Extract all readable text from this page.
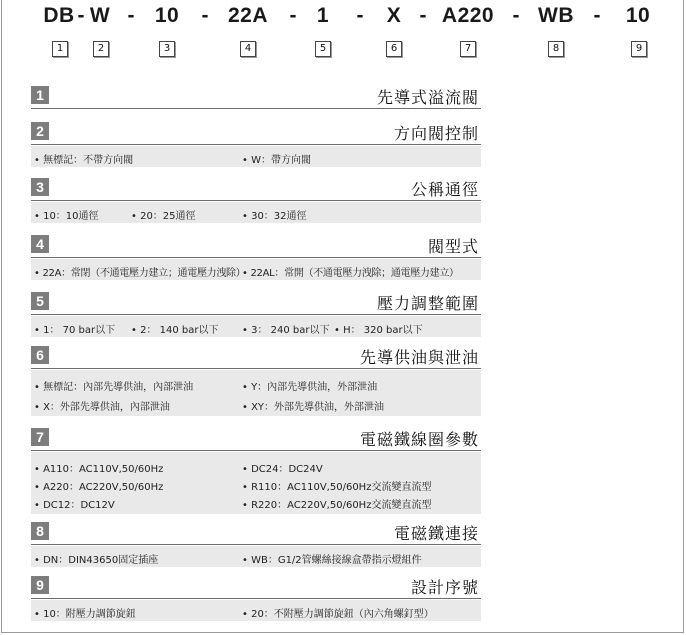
DB - W - 10 - 22A - 1 - X - A220 - WB - 10
1	2	3	4	5	6	7	8	9
1	先導式溢流閥
2	方向閥控制
• 無標記：不帶方向閥	• W：帶方向閥
3	公稱通徑
• 10：10通徑	• 20：25通徑	• 30：32通徑
4	閥型式
• 22A：常閉（不通電壓力建立；通電壓力洩除）
• 22AL：常開（不通電壓力洩除；通電壓力建立）
5	壓力調整範圍
• 1： 70 bar以下 • 2： 140 bar以下 • 3： 240 bar以下 • H： 320 bar以下
6	先導供油與泄油
• 無標記：內部先導供油，內部泄油	• Y：內部先導供油，外部泄油
• X：外部先導供油，內部泄油	• XY：外部先導供油，外部泄油
7	電磁鐵線圈參數
• A110：AC110V,50/60Hz	• DC24：DC24V
• A220：AC220V,50/60Hz	• R110：AC110V,50/60Hz交流變直流型
• DC12：DC12V	• R220：AC220V,50/60Hz交流變直流型
8	電磁鐵連接
• DN：DIN43650固定插座	• WB：G1/2管螺絲接線盒帶指示燈組件
9	設計序號
• 10：附壓力調節旋鈕	• 20：不附壓力調節旋鈕（內六角螺釘型）
